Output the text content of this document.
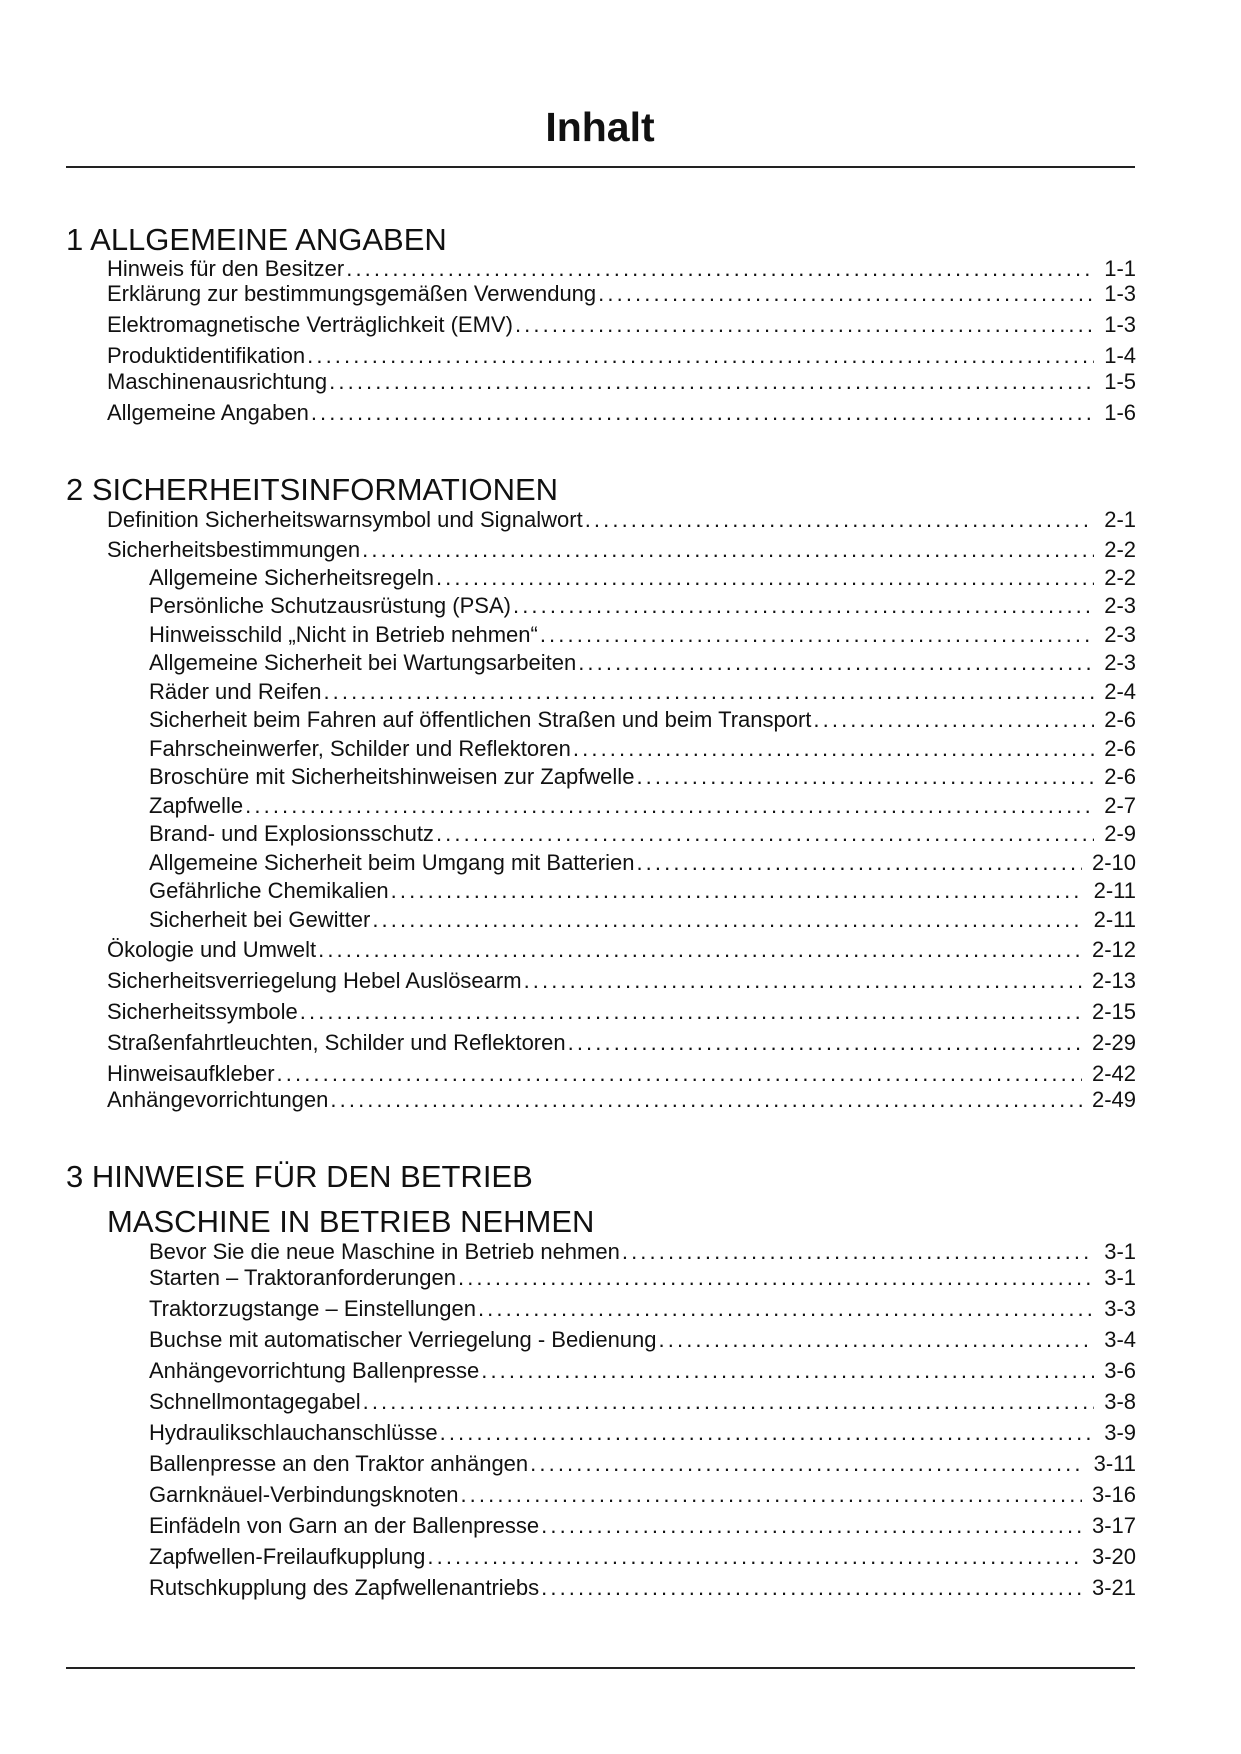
Inhalt
1 ALLGEMEINE ANGABEN
Hinweis für den Besitzer . . .	1-1
Erklärung zur bestimmungsgemäßen Verwendung . . .	1-3
Elektromagnetische Verträglichkeit (EMV) . . .	1-3
Produktidentifikation . . .	1-4
Maschinenausrichtung . . .	1-5
Allgemeine Angaben . . .	1-6
2 SICHERHEITSINFORMATIONEN
Definition Sicherheitswarnsymbol und Signalwort . . .	2-1
Sicherheitsbestimmungen . . .	2-2
Allgemeine Sicherheitsregeln . . .	2-2
Persönliche Schutzausrüstung (PSA) . . .	2-3
Hinweisschild „Nicht in Betrieb nehmen“ . . .	2-3
Allgemeine Sicherheit bei Wartungsarbeiten . . .	2-3
Räder und Reifen . . .	2-4
Sicherheit beim Fahren auf öffentlichen Straßen und beim Transport . . .	2-6
Fahrscheinwerfer, Schilder und Reflektoren . . .	2-6
Broschüre mit Sicherheitshinweisen zur Zapfwelle . . .	2-6
Zapfwelle . . .	2-7
Brand- und Explosionsschutz . . .	2-9
Allgemeine Sicherheit beim Umgang mit Batterien . . .	2-10
Gefährliche Chemikalien . . .	2-11
Sicherheit bei Gewitter . . .	2-11
Ökologie und Umwelt . . .	2-12
Sicherheitsverriegelung Hebel Auslösearm . . .	2-13
Sicherheitssymbole . . .	2-15
Straßenfahrtleuchten, Schilder und Reflektoren . . .	2-29
Hinweisaufkleber . . .	2-42
Anhängevorrichtungen . . .	2-49
3 HINWEISE FÜR DEN BETRIEB
MASCHINE IN BETRIEB NEHMEN
Bevor Sie die neue Maschine in Betrieb nehmen . . .	3-1
Starten – Traktoranforderungen . . .	3-1
Traktorzugstange – Einstellungen . . .	3-3
Buchse mit automatischer Verriegelung - Bedienung . . .	3-4
Anhängevorrichtung Ballenpresse . . .	3-6
Schnellmontagegabel . . .	3-8
Hydraulikschlauchanschlüsse . . .	3-9
Ballenpresse an den Traktor anhängen . . .	3-11
Garnknäuel-Verbindungsknoten . . .	3-16
Einfädeln von Garn an der Ballenpresse . . .	3-17
Zapfwellen-Freilaufkupplung . . .	3-20
Rutschkupplung des Zapfwellenantriebs . . .	3-21
